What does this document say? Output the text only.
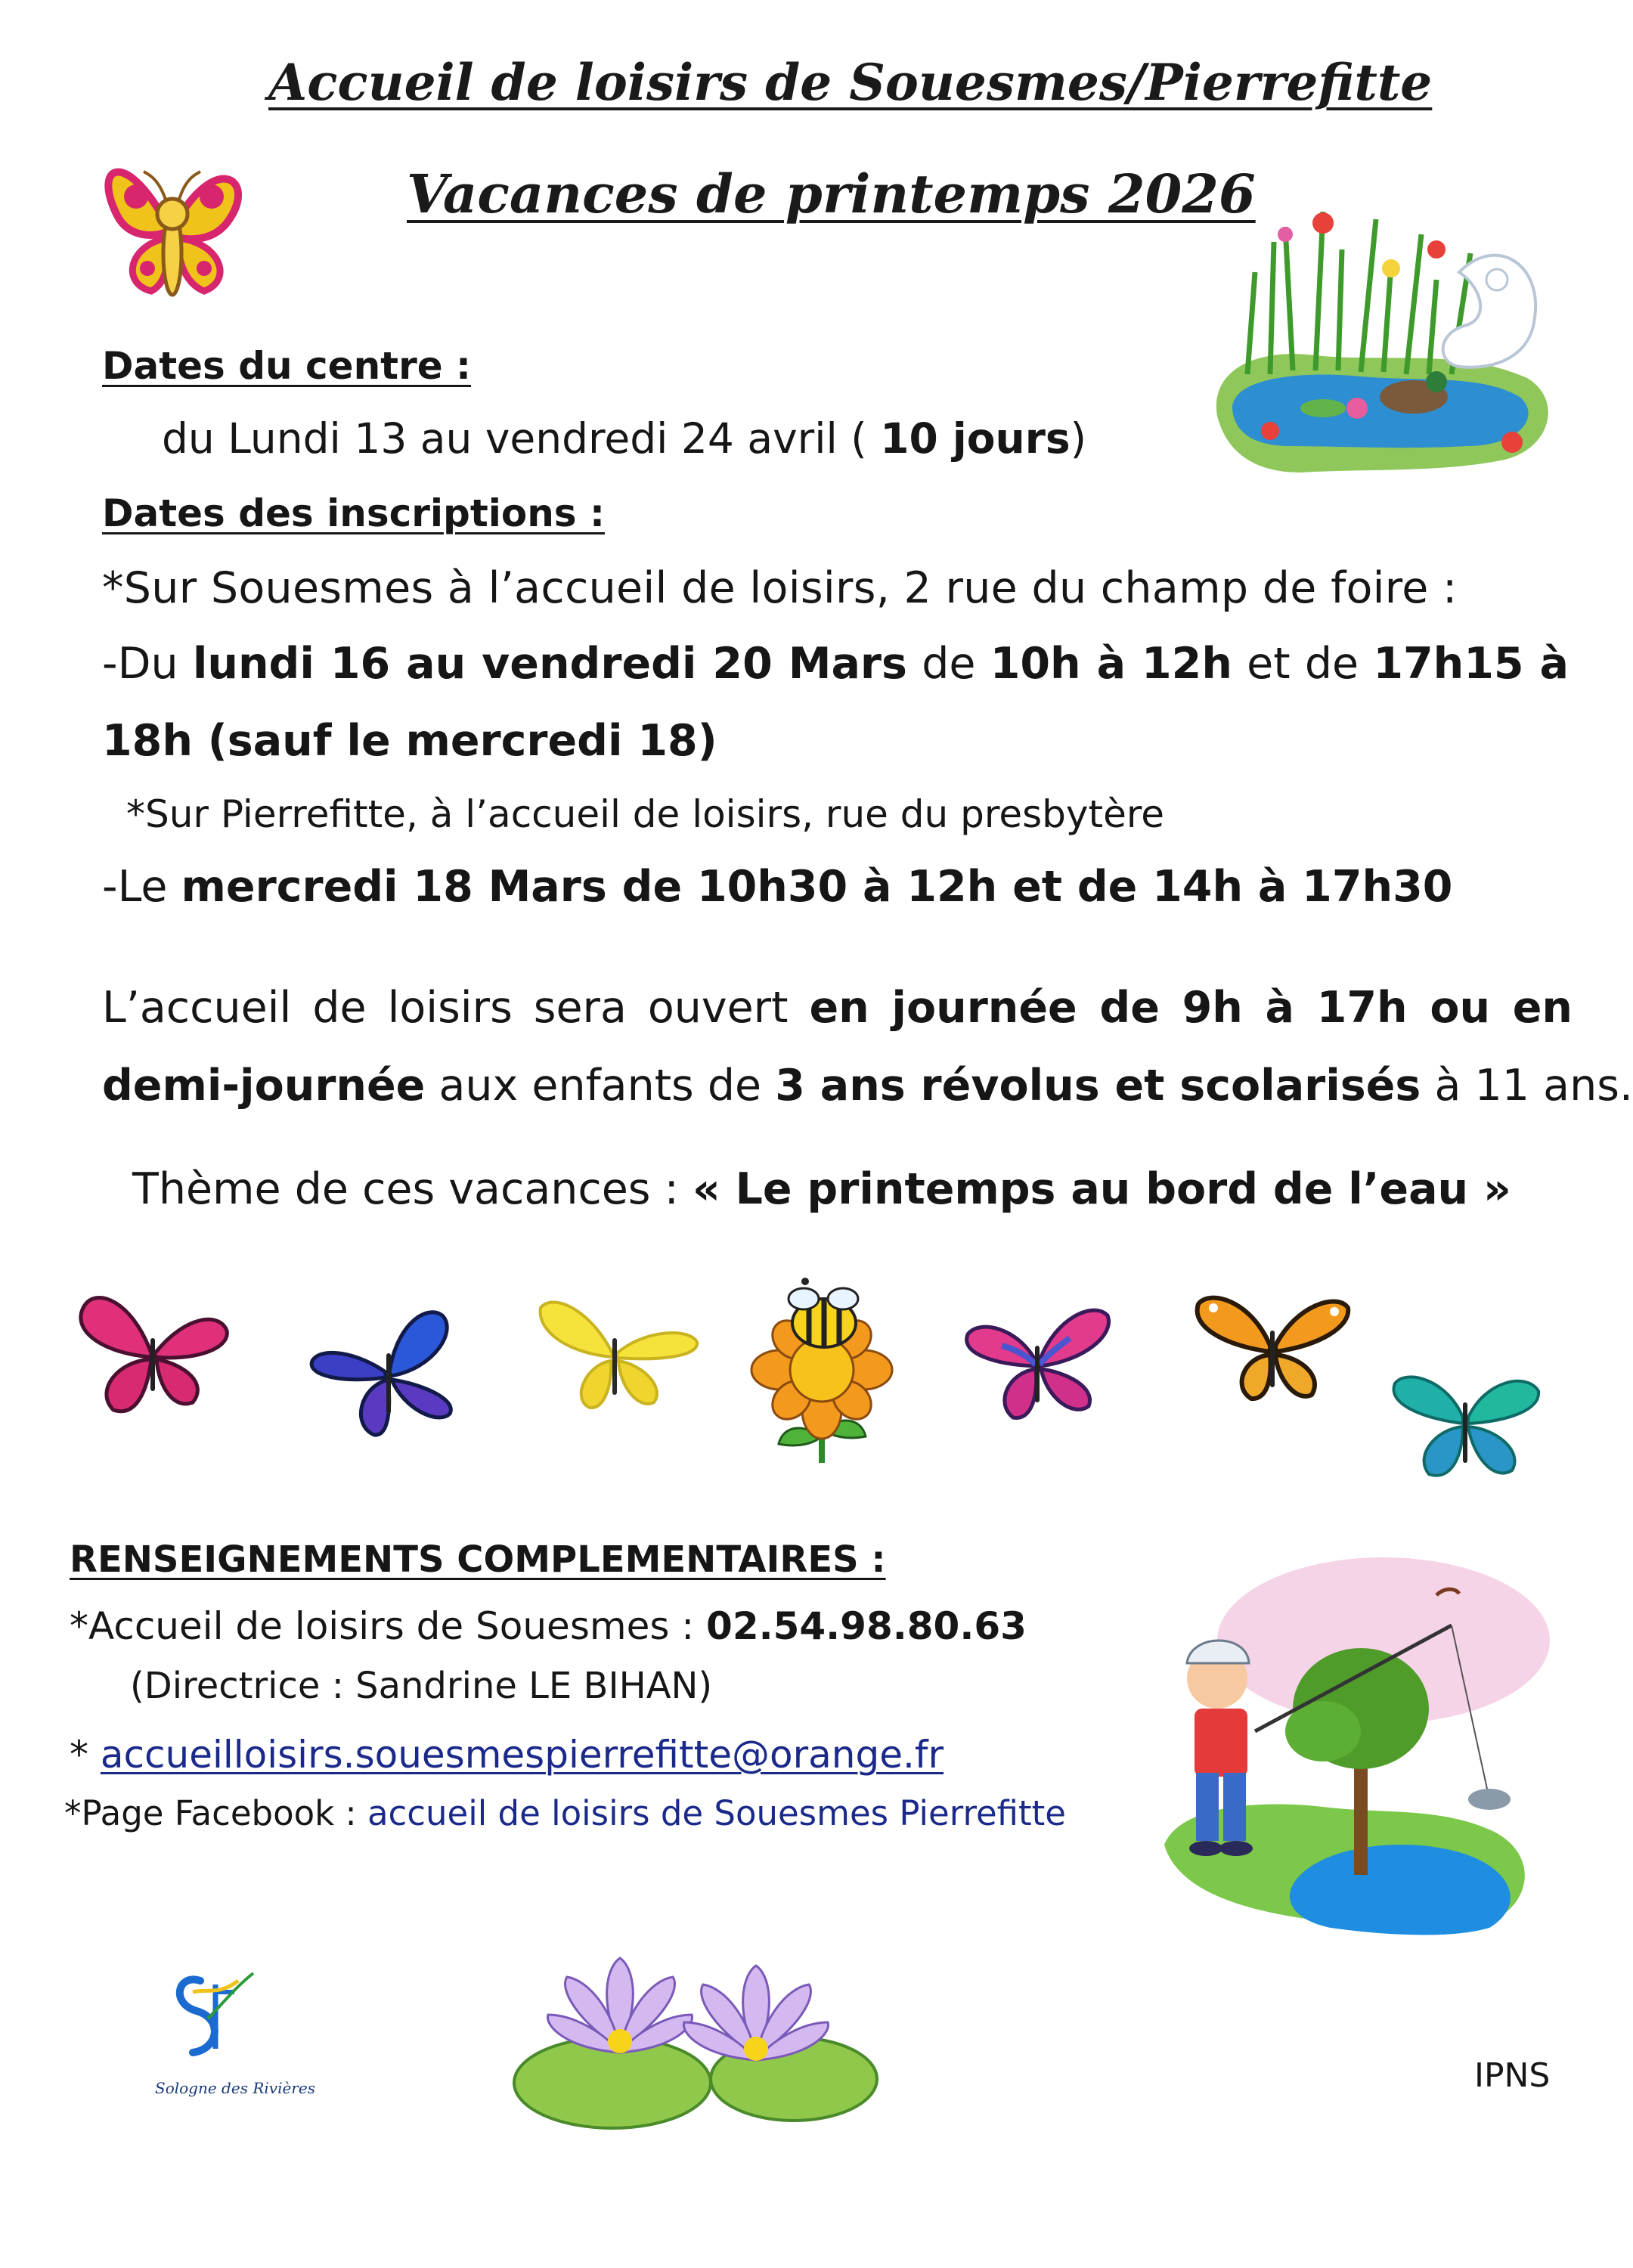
Accueil de loisirs de Souesmes/Pierrefitte
Vacances de printemps 2026
Dates du centre :
du Lundi 13 au vendredi 24 avril ( 10 jours)
Dates des inscriptions :
*Sur Souesmes à l’accueil de loisirs, 2 rue du champ de foire :
-Du lundi 16 au vendredi 20 Mars de 10h à 12h et de 17h15 à
18h (sauf le mercredi 18)
*Sur Pierrefitte, à l’accueil de loisirs, rue du presbytère
-Le mercredi 18 Mars de 10h30 à 12h et de 14h à 17h30
L’accueil de loisirs sera ouvert en journée de 9h à 17h ou en
demi-journée aux enfants de 3 ans révolus et scolarisés à 11 ans.
Thème de ces vacances : « Le printemps au bord de l’eau »
RENSEIGNEMENTS COMPLEMENTAIRES :
*Accueil de loisirs de Souesmes : 02.54.98.80.63
(Directrice : Sandrine LE BIHAN)
* accueilloisirs.souesmespierrefitte@orange.fr
*Page Facebook : accueil de loisirs de Souesmes Pierrefitte
Sologne des Rivières	IPNS
